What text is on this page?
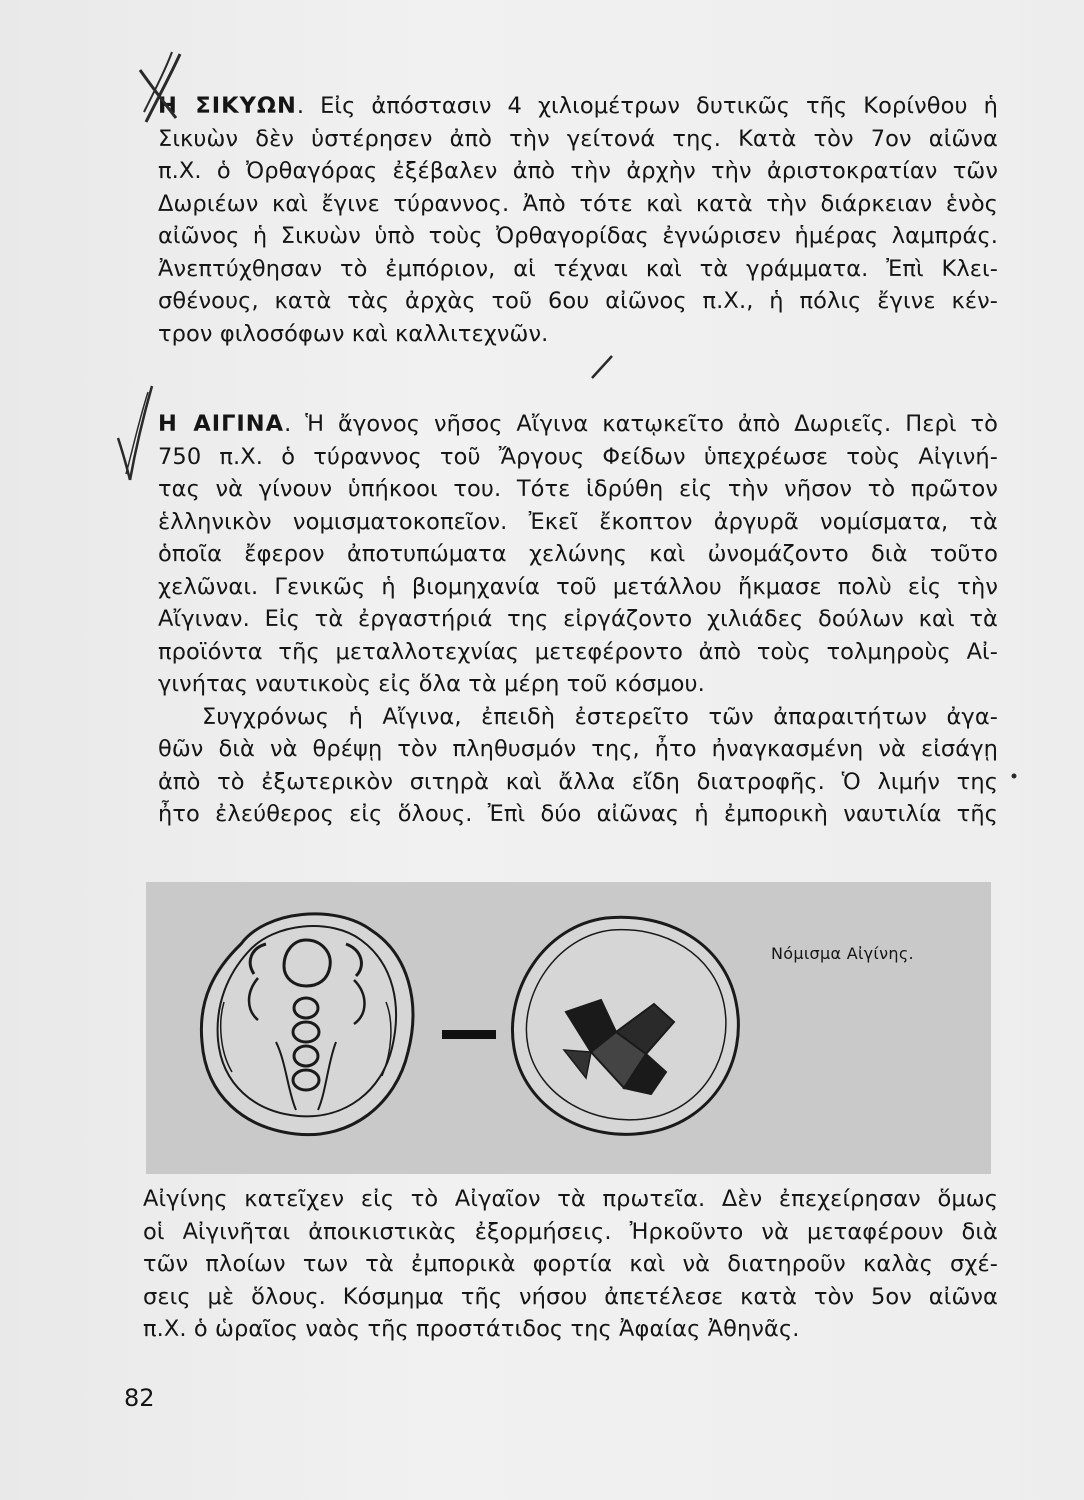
Η ΣΙΚΥΩΝ. Εἰς ἀπόστασιν 4 χιλιομέτρων δυτικῶς τῆς Κορίνθου ἡ
Σικυὼν δὲν ὑστέρησεν ἀπὸ τὴν γείτονά της. Κατὰ τὸν 7ον αἰῶνα
π.Χ. ὁ Ὀρθαγόρας ἐξέβαλεν ἀπὸ τὴν ἀρχὴν τὴν ἀριστοκρατίαν τῶν
Δωριέων καὶ ἔγινε τύραννος. Ἀπὸ τότε καὶ κατὰ τὴν διάρκειαν ἑνὸς
αἰῶνος ἡ Σικυὼν ὑπὸ τοὺς Ὀρθαγορίδας ἐγνώρισεν ἡμέρας λαμπράς.
Ἀνεπτύχθησαν τὸ ἐμπόριον, αἱ τέχναι καὶ τὰ γράμματα. Ἐπὶ Κλει-
σθένους, κατὰ τὰς ἀρχὰς τοῦ 6ου αἰῶνος π.Χ., ἡ πόλις ἔγινε κέν-
τρον φιλοσόφων καὶ καλλιτεχνῶν.
Η ΑΙΓΙΝΑ. Ἡ ἄγονος νῆσος Αἴγινα κατῳκεῖτο ἀπὸ Δωριεῖς. Περὶ τὸ
750 π.Χ. ὁ τύραννος τοῦ Ἄργους Φείδων ὑπεχρέωσε τοὺς Αἰγινή-
τας νὰ γίνουν ὑπήκοοι του. Τότε ἱδρύθη εἰς τὴν νῆσον τὸ πρῶτον
ἑλληνικὸν νομισματοκοπεῖον. Ἐκεῖ ἔκοπτον ἀργυρᾶ νομίσματα, τὰ
ὁποῖα ἔφερον ἀποτυπώματα χελώνης καὶ ὠνομάζοντο διὰ τοῦτο
χελῶναι. Γενικῶς ἡ βιομηχανία τοῦ μετάλλου ἤκμασε πολὺ εἰς τὴν
Αἴγιναν. Εἰς τὰ ἐργαστήριά της εἰργάζοντο χιλιάδες δούλων καὶ τὰ
προϊόντα τῆς μεταλλοτεχνίας μετεφέροντο ἀπὸ τοὺς τολμηροὺς Αἰ-
γινήτας ναυτικοὺς εἰς ὅλα τὰ μέρη τοῦ κόσμου.
Συγχρόνως ἡ Αἴγινα, ἐπειδὴ ἐστερεῖτο τῶν ἀπαραιτήτων ἀγα-
θῶν διὰ νὰ θρέψῃ τὸν πληθυσμόν της, ἦτο ἠναγκασμένη νὰ εἰσάγῃ
ἀπὸ τὸ ἐξωτερικὸν σιτηρὰ καὶ ἄλλα εἴδη διατροφῆς. Ὁ λιμήν της
ἦτο ἐλεύθερος εἰς ὅλους. Ἐπὶ δύο αἰῶνας ἡ ἐμπορικὴ ναυτιλία τῆς
Νόμισμα Αἰγίνης.
Αἰγίνης κατεῖχεν εἰς τὸ Αἰγαῖον τὰ πρωτεῖα. Δὲν ἐπεχείρησαν ὅμως
οἱ Αἰγινῆται ἀποικιστικὰς ἐξορμήσεις. Ἠρκοῦντο νὰ μεταφέρουν διὰ
τῶν πλοίων των τὰ ἐμπορικὰ φορτία καὶ νὰ διατηροῦν καλὰς σχέ-
σεις μὲ ὅλους. Κόσμημα τῆς νήσου ἀπετέλεσε κατὰ τὸν 5ον αἰῶνα
π.Χ. ὁ ὡραῖος ναὸς τῆς προστάτιδος της Ἀφαίας Ἀθηνᾶς.
82
